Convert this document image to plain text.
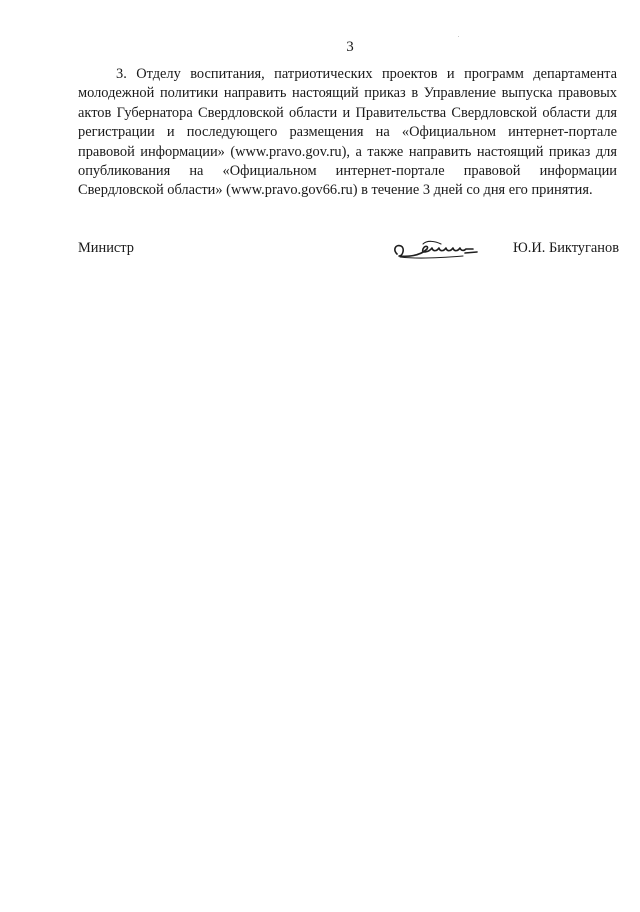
3

3. Отделу воспитания, патриотических проектов и программ департамента молодежной политики направить настоящий приказ в Управление выпуска правовых актов Губернатора Свердловской области и Правительства Свердловской области для регистрации и последующего размещения на «Официальном интернет-портале правовой информации» (www.pravo.gov.ru), а также направить настоящий приказ для опубликования на «Официальном интернет-портале правовой информации Свердловской области» (www.pravo.gov66.ru) в течение 3 дней со дня его принятия.

Министр	Ю.И. Биктуганов
